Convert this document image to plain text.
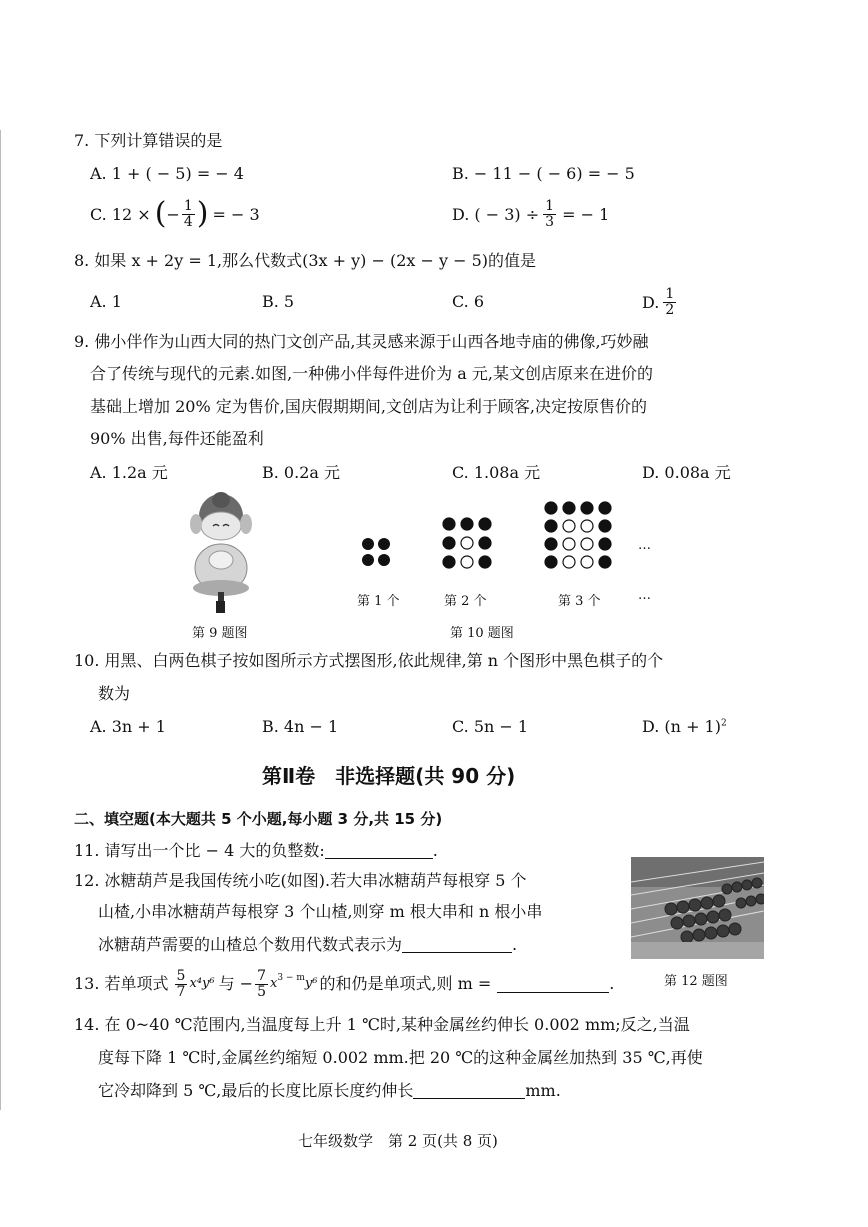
7. 下列计算错误的是
A. 1 + ( − 5) = − 4	B. − 11 − ( − 6) = − 5
C. 12 × ( − $\frac{1}{4}$ ) = − 3	D. ( − $3) \div \frac{1}{3}$ = − 1
8. 如果 x + 2y = 1,那么代数式(3x + y) − (2x − y − 5)的值是
A. 1	B. 5	C. 6	D. $\frac{1}{2}$
9. 佛小伴作为山西大同的热门文创产品,其灵感来源于山西各地寺庙的佛像,巧妙融
合了传统与现代的元素.如图,一种佛小伴每件进价为 a 元,某文创店原来在进价的
基础上增加 20% 定为售价,国庆假期期间,文创店为让利于顾客,决定按原售价的
90% 出售,每件还能盈利
A. 1.2a 元	B. 0.2a 元	C. 1.08a 元	D. 0.08a 元
第 9 题图
…
第 1 个	第 2 个	第 3 个	…
第 10 题图
10. 用黑、白两色棋子按如图所示方式摆图形,依此规律,第 n 个图形中黑色棋子的个
数为
A. 3n + 1	B. 4n − 1	C. 5n − 1	D. $(n + 1)^2$
第Ⅱ卷　非选择题(共 90 分)
二、填空题(本大题共 5 个小题,每小题 3 分,共 15 分)
11. 请写出一个比 − 4 大的负整数:	.
12. 冰糖葫芦是我国传统小吃(如图).若大串冰糖葫芦每根穿 5 个
山楂,小串冰糖葫芦每根穿 3 个山楂,则穿 m 根大串和 n 根小串
冰糖葫芦需要的山楂总个数用代数式表示为	.
第 12 题图
13. 若单项式 $\frac{5}{7} x^4y^6$ 与 − $\frac{7}{5} x^{3 - m}$ y⁶ 的和仍是单项式,则 m =	.
14. 在 0~40 ℃范围内,当温度每上升 1 ℃时,某种金属丝约伸长 0.002 mm;反之,当温
度每下降 1 ℃时,金属丝约缩短 0.002 mm.把 20 ℃的这种金属丝加热到 35 ℃,再使
它冷却降到 5 ℃,最后的长度比原长度约伸长	mm.
七年级数学　第 2 页(共 8 页)
